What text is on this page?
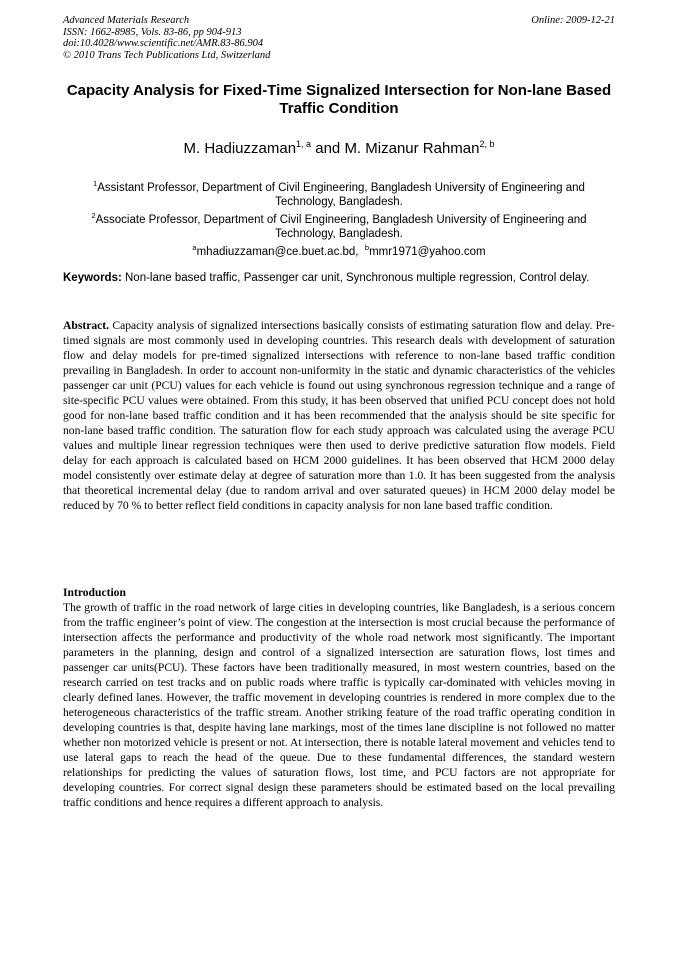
Advanced Materials Research
ISSN: 1662-8985, Vols. 83-86, pp 904-913
doi:10.4028/www.scientific.net/AMR.83-86.904
© 2010 Trans Tech Publications Ltd, Switzerland
Online: 2009-12-21
Capacity Analysis for Fixed-Time Signalized Intersection for Non-lane Based Traffic Condition
M. Hadiuzzaman$^{1, a}$ and M. Mizanur Rahman$^{2, b}$

$^1$Assistant Professor, Department of Civil Engineering, Bangladesh University of Engineering and Technology, Bangladesh.

$^2$Associate Professor, Department of Civil Engineering, Bangladesh University of Engineering and Technology, Bangladesh.

$^a$mhadiuzzaman@ce.buet.ac.bd, $^b$mmr1971@yahoo.com

Keywords: Non-lane based traffic, Passenger car unit, Synchronous multiple regression, Control delay.

Abstract. Capacity analysis of signalized intersections basically consists of estimating saturation flow and delay. Pre-timed signals are most commonly used in developing countries. This research deals with development of saturation flow and delay models for pre-timed signalized intersections with reference to non-lane based traffic condition prevailing in Bangladesh. In order to account non-uniformity in the static and dynamic characteristics of the vehicles passenger car unit (PCU) values for each vehicle is found out using synchronous regression technique and a range of site-specific PCU values were obtained. From this study, it has been observed that unified PCU concept does not hold good for non-lane based traffic condition and it has been recommended that the analysis should be site specific for non-lane based traffic condition. The saturation flow for each study approach was calculated using the average PCU values and multiple linear regression techniques were then used to derive predictive saturation flow models. Field delay for each approach is calculated based on HCM 2000 guidelines. It has been observed that HCM 2000 delay model consistently over estimate delay at degree of saturation more than 1.0. It has been suggested from the analysis that theoretical incremental delay (due to random arrival and over saturated queues) in HCM 2000 delay model be reduced by 70 % to better reflect field conditions in capacity analysis for non lane based traffic condition.

Introduction

The growth of traffic in the road network of large cities in developing countries, like Bangladesh, is a serious concern from the traffic engineer’s point of view. The congestion at the intersection is most crucial because the performance of intersection affects the performance and productivity of the whole road network most significantly. The important parameters in the planning, design and control of a signalized intersection are saturation flows, lost times and passenger car units(PCU). These factors have been traditionally measured, in most western countries, based on the research carried on test tracks and on public roads where traffic is typically car-dominated with vehicles moving in clearly defined lanes. However, the traffic movement in developing countries is rendered in more complex due to the heterogeneous characteristics of the traffic stream. Another striking feature of the road traffic operating condition in developing countries is that, despite having lane markings, most of the times lane discipline is not followed no matter whether non motorized vehicle is present or not. At intersection, there is notable lateral movement and vehicles tend to use lateral gaps to reach the head of the queue. Due to these fundamental differences, the standard western relationships for predicting the values of saturation flows, lost time, and PCU factors are not appropriate for developing countries. For correct signal design these parameters should be estimated based on the local prevailing traffic conditions and hence requires a different approach to analysis.
